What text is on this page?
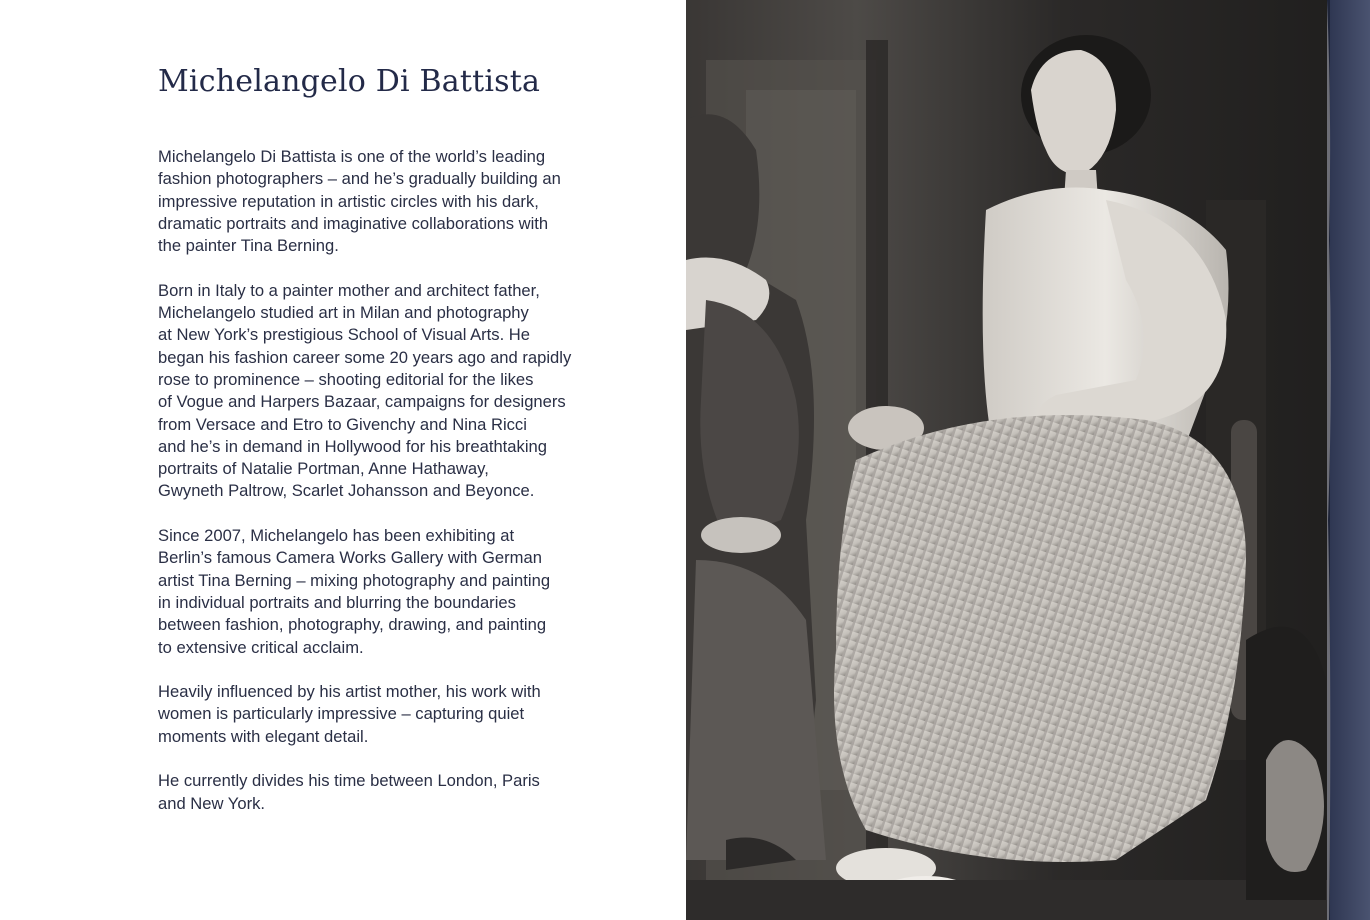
Michelangelo Di Battista

Michelangelo Di Battista is one of the world’s leading
fashion photographers – and he’s gradually building an
impressive reputation in artistic circles with his dark,
dramatic portraits and imaginative collaborations with
the painter Tina Berning.

Born in Italy to a painter mother and architect father,
Michelangelo studied art in Milan and photography
at New York’s prestigious School of Visual Arts. He
began his fashion career some 20 years ago and rapidly
rose to prominence – shooting editorial for the likes
of Vogue and Harpers Bazaar, campaigns for designers
from Versace and Etro to Givenchy and Nina Ricci
and he’s in demand in Hollywood for his breathtaking
portraits of Natalie Portman, Anne Hathaway,
Gwyneth Paltrow, Scarlet Johansson and Beyonce.

Since 2007, Michelangelo has been exhibiting at
Berlin’s famous Camera Works Gallery with German
artist Tina Berning – mixing photography and painting
in individual portraits and blurring the boundaries
between fashion, photography, drawing, and painting
to extensive critical acclaim.

Heavily influenced by his artist mother, his work with
women is particularly impressive – capturing quiet
moments with elegant detail.

He currently divides his time between London, Paris
and New York.
